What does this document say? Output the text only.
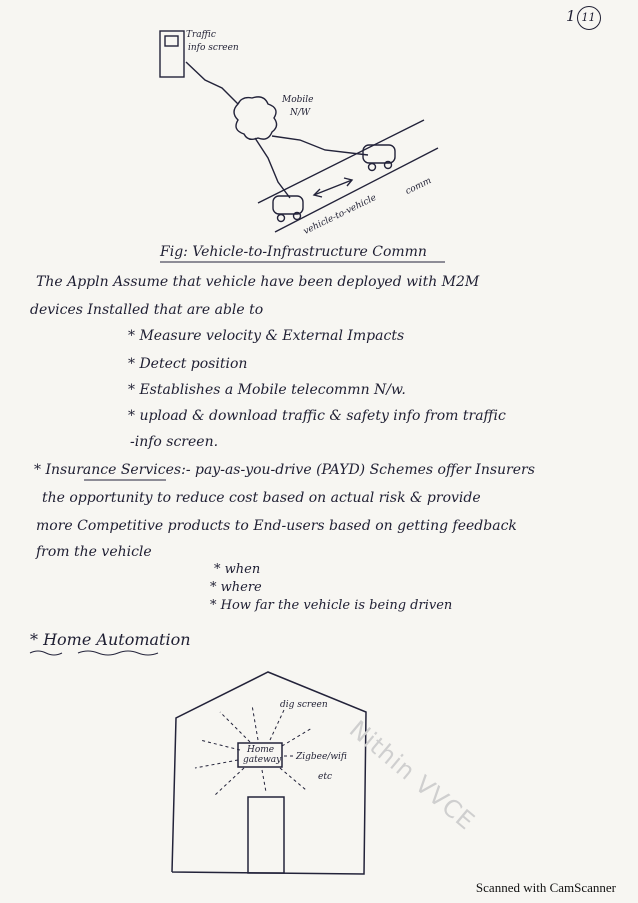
1 11
Traffic
info screen
Mobile
N/W
vehicle-to-vehicle
comm
Fig: Vehicle-to-Infrastructure Commn
The Appln Assume that vehicle have been deployed with M2M
devices Installed that are able to
* Measure velocity & External Impacts
* Detect position
* Establishes a Mobile telecommn N/w.
* upload & download traffic & safety info from traffic
-info screen.
* Insurance Services:- pay-as-you-drive (PAYD) Schemes offer Insurers
the opportunity to reduce cost based on actual risk & provide
more Competitive products to End-users based on getting feedback
from the vehicle
* when
* where
* How far the vehicle is being driven
* Home Automation
dig screen
Home
gateway Zigbee/wifi
etc Nithin VVCE
Scanned with CamScanner
